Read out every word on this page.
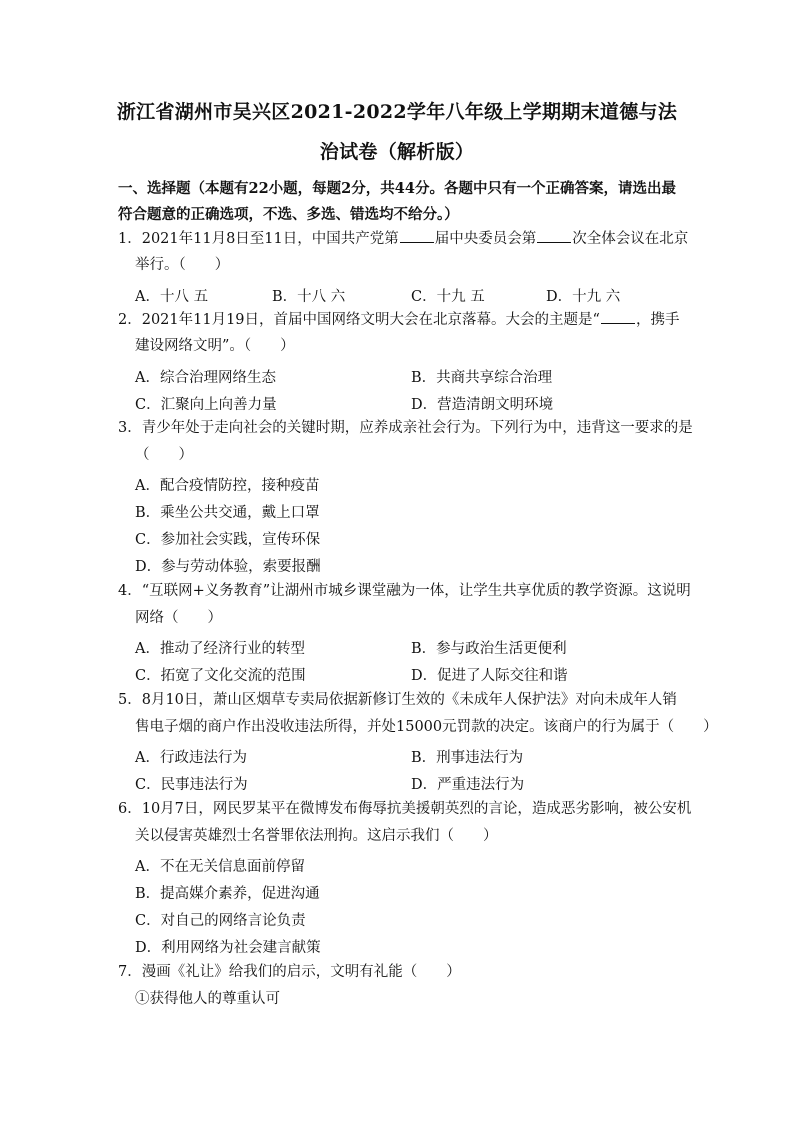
浙江省湖州市吴兴区2021-2022学年八年级上学期期末道德与法
治试卷（解析版）
一、选择题（本题有22小题，每题2分，共44分。各题中只有一个正确答案，请选出最
符合题意的正确选项，不选、多选、错选均不给分。）
1．2021年11月8日至11日，中国共产党第 届中央委员会第 次全体会议在北京
举行。（　　）
A．十八 五	B．十八 六	C．十九 五	D．十九 六
2．2021年11月19日，首届中国网络文明大会在北京落幕。大会的主题是“ ，携手
建设网络文明”。（　　）
A．综合治理网络生态	B．共商共享综合治理
C．汇聚向上向善力量	D．营造清朗文明环境
3．青少年处于走向社会的关键时期，应养成亲社会行为。下列行为中，违背这一要求的是
（　　）
A．配合疫情防控，接种疫苗
B．乘坐公共交通，戴上口罩
C．参加社会实践，宣传环保
D．参与劳动体验，索要报酬
4．“互联网+义务教育”让湖州市城乡课堂融为一体，让学生共享优质的教学资源。这说明
网络（　　）
A．推动了经济行业的转型	B．参与政治生活更便利
C．拓宽了文化交流的范围	D．促进了人际交往和谐
5．8月10日，萧山区烟草专卖局依据新修订生效的《未成年人保护法》对向未成年人销
售电子烟的商户作出没收违法所得，并处15000元罚款的决定。该商户的行为属于（　　）
A．行政违法行为	B．刑事违法行为
C．民事违法行为	D．严重违法行为
6．10月7日，网民罗某平在微博发布侮辱抗美援朝英烈的言论，造成恶劣影响，被公安机
关以侵害英雄烈士名誉罪依法刑拘。这启示我们（　　）
A．不在无关信息面前停留
B．提高媒介素养，促进沟通
C．对自己的网络言论负责
D．利用网络为社会建言献策
7．漫画《礼让》给我们的启示，文明有礼能（　　）
①获得他人的尊重认可
